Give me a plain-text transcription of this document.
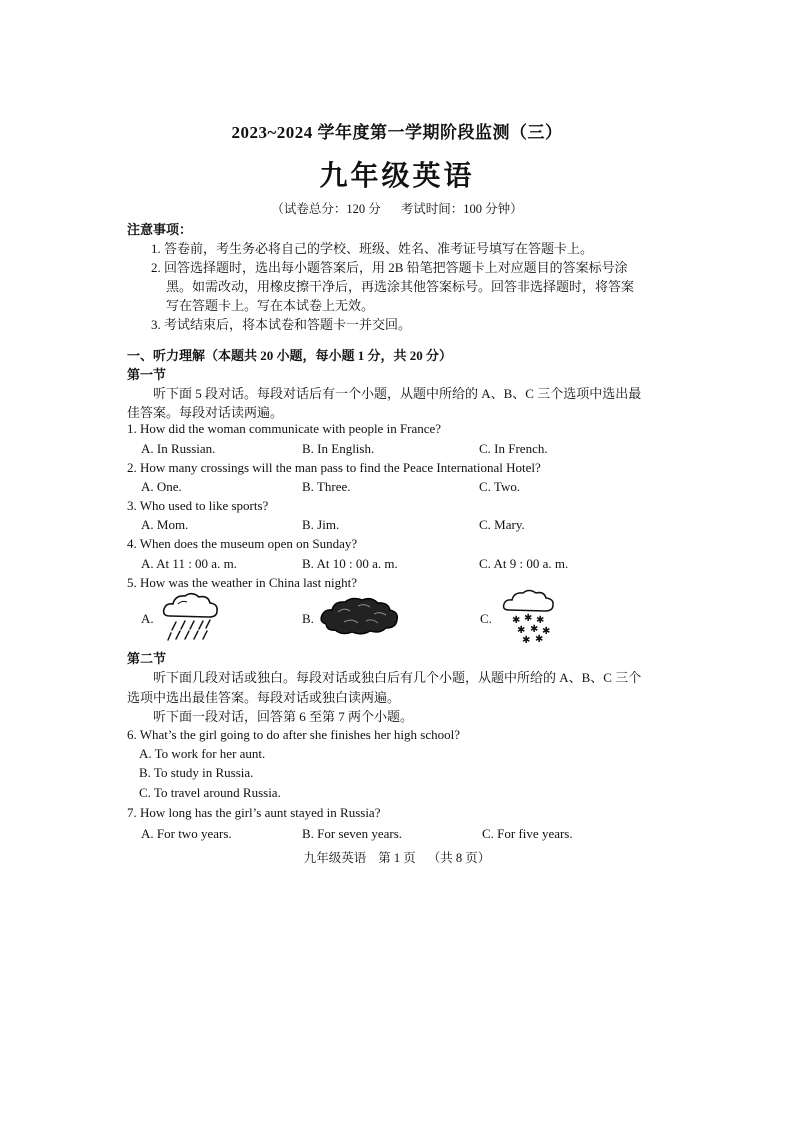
2023~2024 学年度第一学期阶段监测（三）
九年级英语
（试卷总分：120 分 考试时间：100 分钟）
注意事项：
1. 答卷前，考生务必将自己的学校、班级、姓名、准考证号填写在答题卡上。
2. 回答选择题时，选出每小题答案后，用 2B 铅笔把答题卡上对应题目的答案标号涂
黑。如需改动，用橡皮擦干净后，再选涂其他答案标号。回答非选择题时，将答案
写在答题卡上。写在本试卷上无效。
3. 考试结束后，将本试卷和答题卡一并交回。
一、听力理解（本题共 20 小题，每小题 1 分，共 20 分）
第一节
听下面 5 段对话。每段对话后有一个小题，从题中所给的 A、B、C 三个选项中选出最
佳答案。每段对话读两遍。
1. How did the woman communicate with people in France?
A. In Russian.	B. In English.	C. In French.
2. How many crossings will the man pass to find the Peace International Hotel?
A. One.	B. Three.	C. Two.
3. Who used to like sports?
A. Mom.	B. Jim.	C. Mary.
4. When does the museum open on Sunday?
A. At 11 : 00 a. m.	B. At 10 : 00 a. m.	C. At 9 : 00 a. m.
5. How was the weather in China last night?
A.	B.	C. ✱ ✱ ✱
✱ ✱ ✱
✱ ✱
第二节
听下面几段对话或独白。每段对话或独白后有几个小题，从题中所给的 A、B、C 三个
选项中选出最佳答案。每段对话或独白读两遍。
听下面一段对话，回答第 6 至第 7 两个小题。
6. What’s the girl going to do after she finishes her high school?
A. To work for her aunt.
B. To study in Russia.
C. To travel around Russia.
7. How long has the girl’s aunt stayed in Russia?
A. For two years.	B. For seven years.	C. For five years.
九年级英语 第 1 页 （共 8 页）
